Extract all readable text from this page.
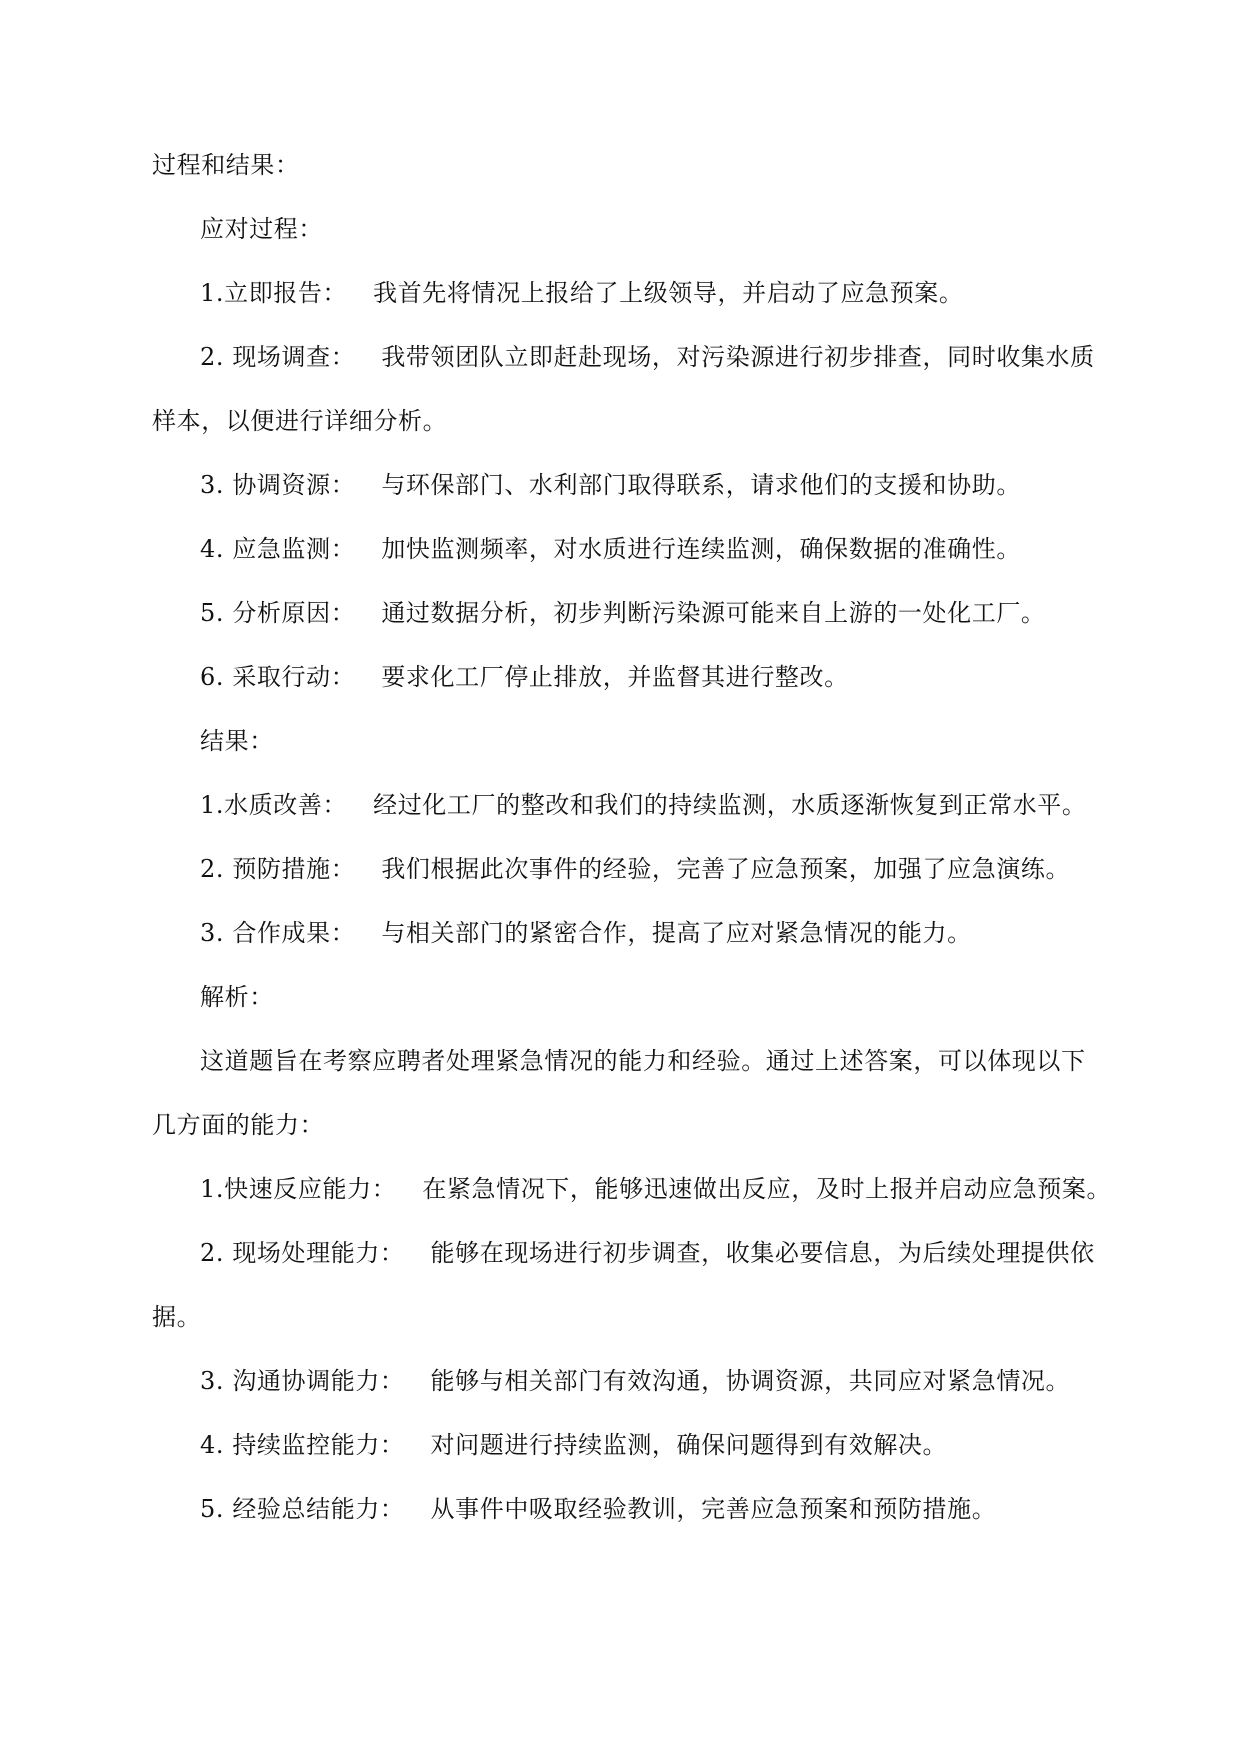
过程和结果：

应对过程：

1.立即报告： 我首先将情况上报给了上级领导，并启动了应急预案。

2. 现场调查： 我带领团队立即赶赴现场，对污染源进行初步排查，同时收集水质

样本，以便进行详细分析。

3. 协调资源： 与环保部门、水利部门取得联系，请求他们的支援和协助。

4. 应急监测： 加快监测频率，对水质进行连续监测，确保数据的准确性。

5. 分析原因： 通过数据分析，初步判断污染源可能来自上游的一处化工厂。

6. 采取行动： 要求化工厂停止排放，并监督其进行整改。

结果：

1.水质改善： 经过化工厂的整改和我们的持续监测，水质逐渐恢复到正常水平。

2. 预防措施： 我们根据此次事件的经验，完善了应急预案，加强了应急演练。

3. 合作成果： 与相关部门的紧密合作，提高了应对紧急情况的能力。

解析：

这道题旨在考察应聘者处理紧急情况的能力和经验。通过上述答案，可以体现以下

几方面的能力：

1.快速反应能力： 在紧急情况下，能够迅速做出反应，及时上报并启动应急预案。

2. 现场处理能力： 能够在现场进行初步调查，收集必要信息，为后续处理提供依

据。

3. 沟通协调能力： 能够与相关部门有效沟通，协调资源，共同应对紧急情况。

4. 持续监控能力： 对问题进行持续监测，确保问题得到有效解决。

5. 经验总结能力： 从事件中吸取经验教训，完善应急预案和预防措施。
